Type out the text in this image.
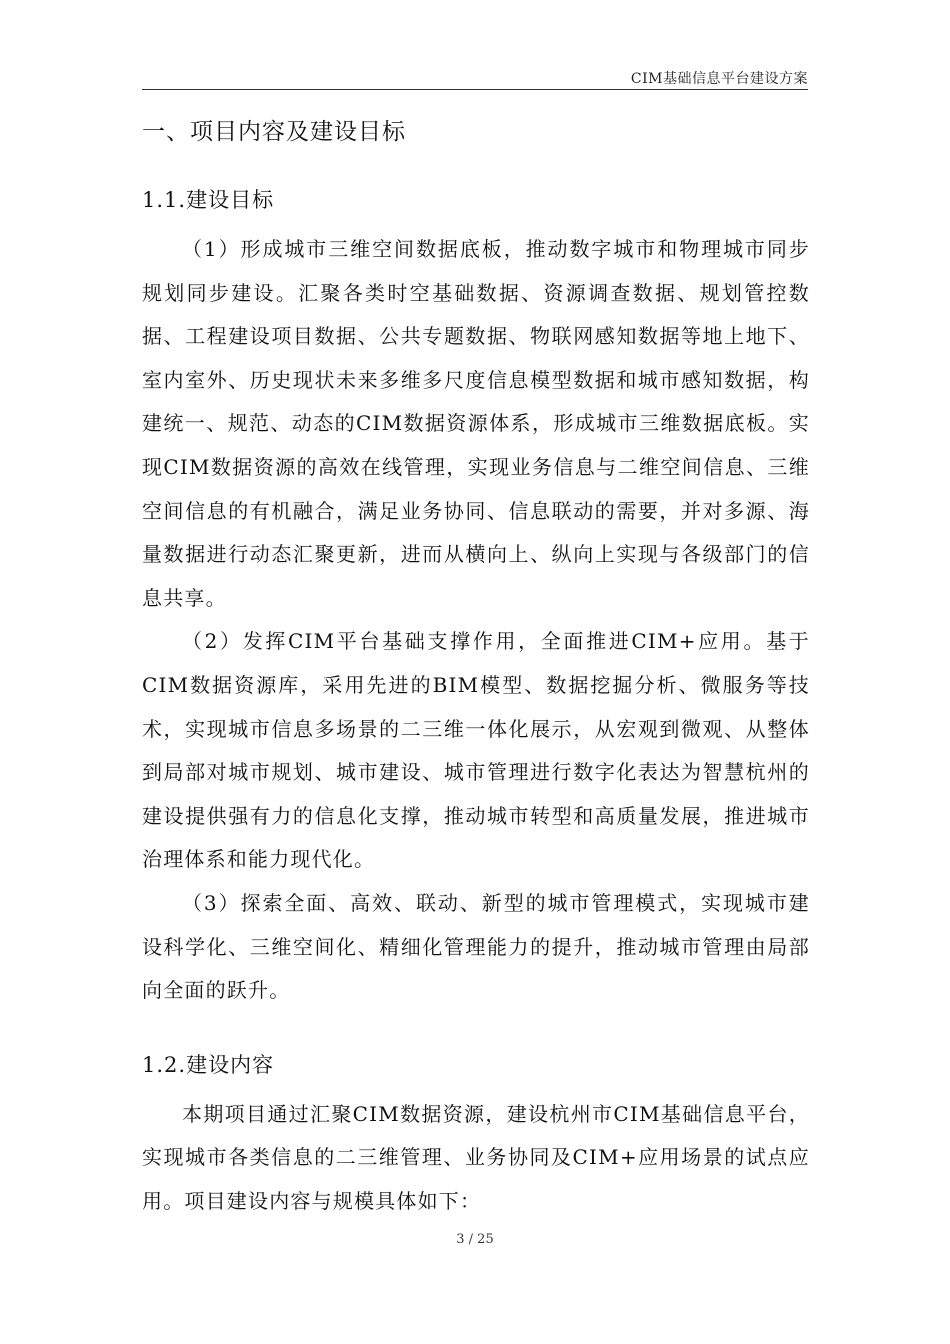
CIM基础信息平台建设方案
一、项目内容及建设目标
1.1.建设目标

（1）形成城市三维空间数据底板，推动数字城市和物理城市同步规划同步建设。汇聚各类时空基础数据、资源调查数据、规划管控数据、工程建设项目数据、公共专题数据、物联网感知数据等地上地下、室内室外、历史现状未来多维多尺度信息模型数据和城市感知数据，构建统一、规范、动态的CIM数据资源体系，形成城市三维数据底板。实现CIM数据资源的高效在线管理，实现业务信息与二维空间信息、三维空间信息的有机融合，满足业务协同、信息联动的需要，并对多源、海量数据进行动态汇聚更新，进而从横向上、纵向上实现与各级部门的信息共享。

（2）发挥CIM平台基础支撑作用，全面推进CIM+应用。基于CIM数据资源库，采用先进的BIM模型、数据挖掘分析、微服务等技术，实现城市信息多场景的二三维一体化展示，从宏观到微观、从整体到局部对城市规划、城市建设、城市管理进行数字化表达为智慧杭州的建设提供强有力的信息化支撑，推动城市转型和高质量发展，推进城市治理体系和能力现代化。

（3）探索全面、高效、联动、新型的城市管理模式，实现城市建设科学化、三维空间化、精细化管理能力的提升，推动城市管理由局部向全面的跃升。

1.2.建设内容

本期项目通过汇聚CIM数据资源，建设杭州市CIM基础信息平台，实现城市各类信息的二三维管理、业务协同及CIM+应用场景的试点应用。项目建设内容与规模具体如下：

3 / 25
